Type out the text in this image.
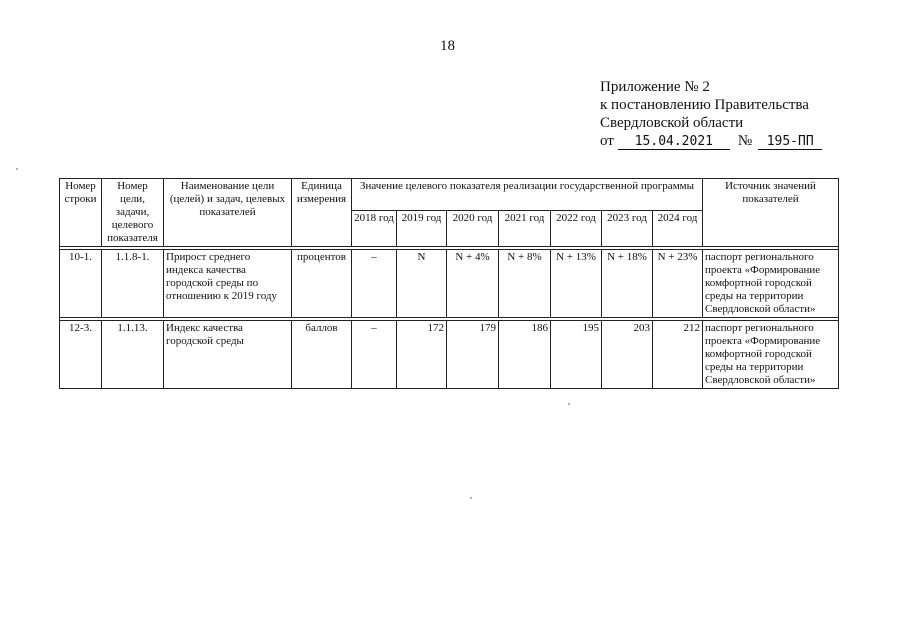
18
Приложение № 2
к постановлению Правительства
Свердловской области
от 15.04.2021 № 195-ПП
Номер строки	Номер цели, задачи, целевого показателя	Наименование цели (целей) и задач, целевых показателей	Единица измерения	Значение целевого показателя реализации государственной программы							Источник значений показателей
				2018 год	2019 год	2020 год	2021 год	2022 год	2023 год	2024 год	

10-1.	1.1.8-1.	Прирост среднего индекса качества городской среды по отношению к 2019 году	процентов	–	N	N + 4%	N + 8%	N + 13%	N + 18%	N + 23%	паспорт регионального проекта «Формирование комфортной городской среды на территории Свердловской области»

12-3.	1.1.13.	Индекс качества городской среды	баллов	–	172	179	186	195	203	212	паспорт регионального проекта «Формирование комфортной городской среды на территории Свердловской области»
